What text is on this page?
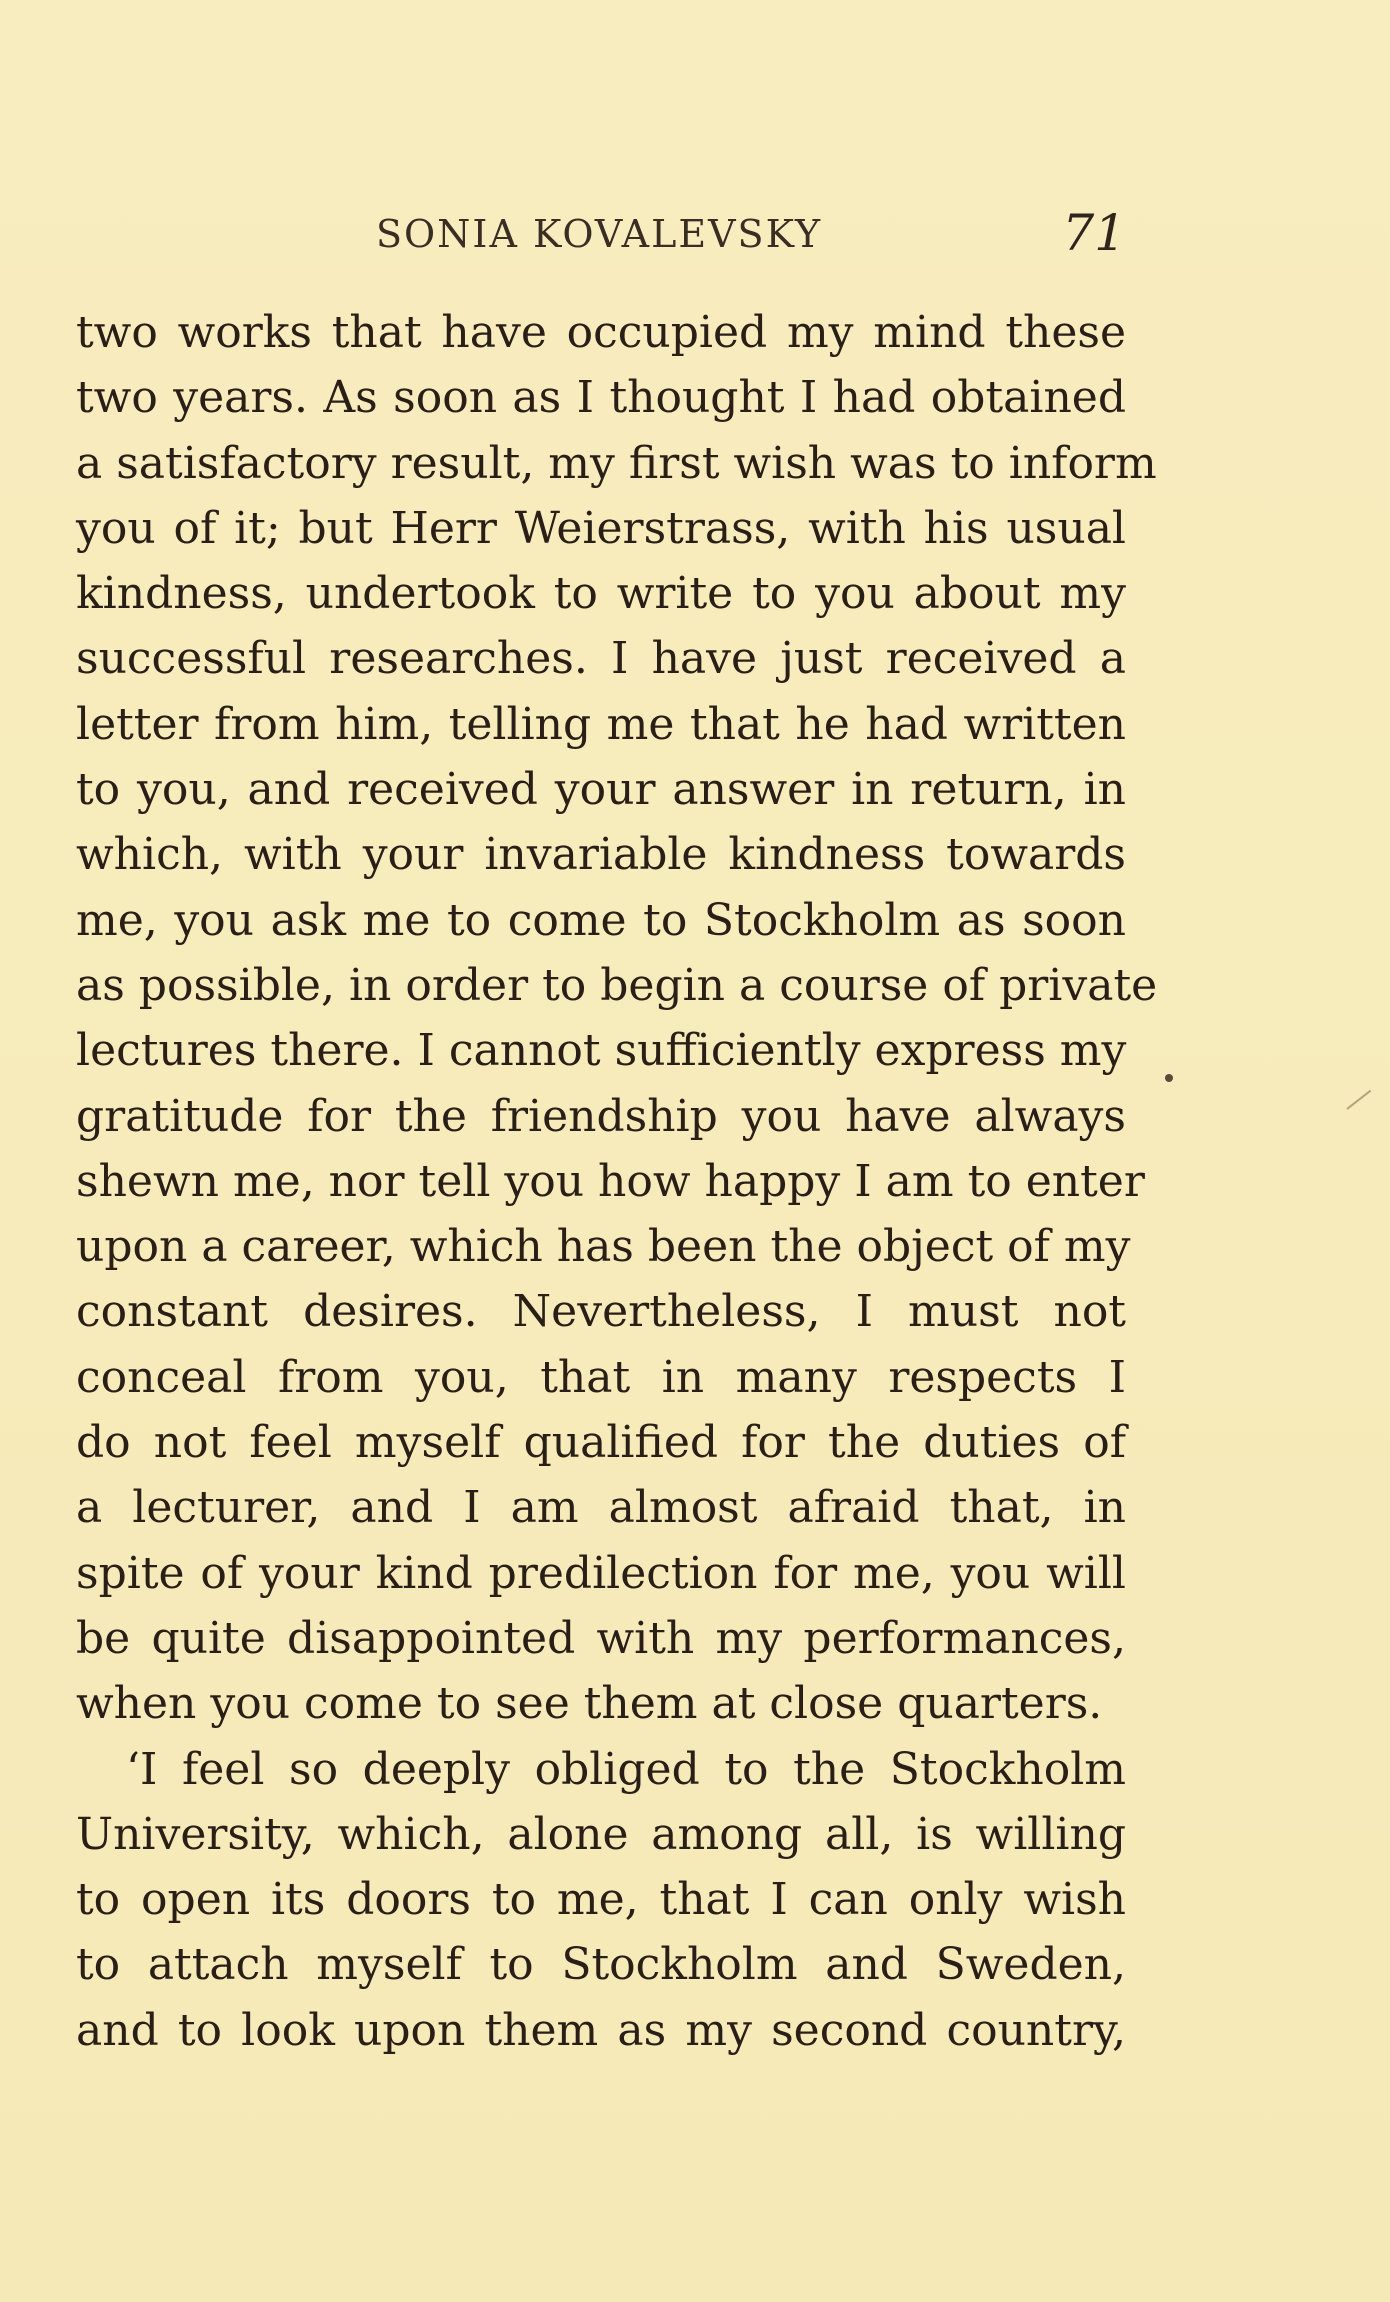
SONIA KOVALEVSKY	71
two works that have occupied my mind these
two years. As soon as I thought I had obtained
a satisfactory result, my first wish was to inform
you of it; but Herr Weierstrass, with his usual
kindness, undertook to write to you about my
successful researches. I have just received a
letter from him, telling me that he had written
to you, and received your answer in return, in
which, with your invariable kindness towards
me, you ask me to come to Stockholm as soon
as possible, in order to begin a course of private
lectures there. I cannot sufficiently express my
gratitude for the friendship you have always
shewn me, nor tell you how happy I am to enter
upon a career, which has been the object of my
constant desires. Nevertheless, I must not
conceal from you, that in many respects I
do not feel myself qualified for the duties of
a lecturer, and I am almost afraid that, in
spite of your kind predilection for me, you will
be quite disappointed with my performances,
when you come to see them at close quarters.
‘I feel so deeply obliged to the Stockholm
University, which, alone among all, is willing
to open its doors to me, that I can only wish
to attach myself to Stockholm and Sweden,
and to look upon them as my second country,
